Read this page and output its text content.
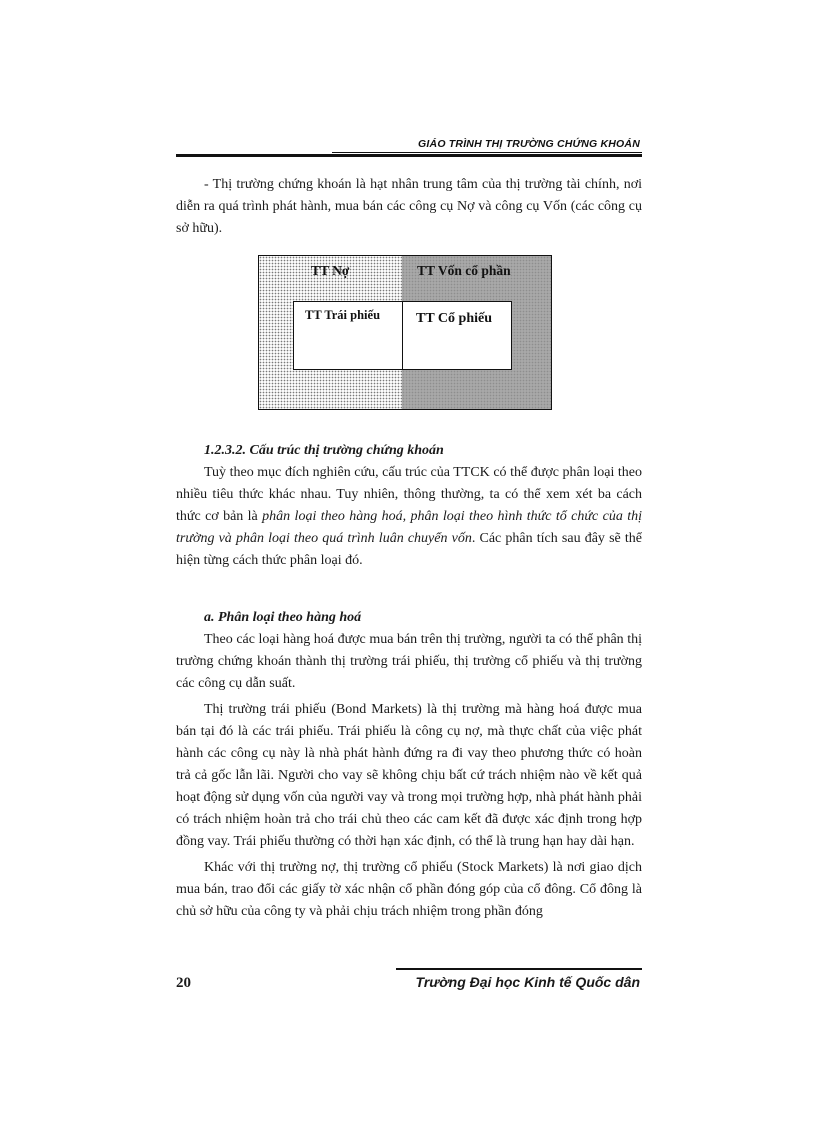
GIÁO TRÌNH THỊ TRƯỜNG CHỨNG KHOÁN

- Thị trường chứng khoán là hạt nhân trung tâm của thị trường tài chính, nơi diễn ra quá trình phát hành, mua bán các công cụ Nợ và công cụ Vốn (các công cụ sở hữu).

TT Nợ	TT Vốn cổ phần
TT Trái phiếu	TT Cổ phiếu

1.2.3.2. Cấu trúc thị trường chứng khoán

Tuỳ theo mục đích nghiên cứu, cấu trúc của TTCK có thể được phân loại theo nhiều tiêu thức khác nhau. Tuy nhiên, thông thường, ta có thể xem xét ba cách thức cơ bản là phân loại theo hàng hoá, phân loại theo hình thức tổ chức của thị trường và phân loại theo quá trình luân chuyển vốn. Các phân tích sau đây sẽ thể hiện từng cách thức phân loại đó.

a. Phân loại theo hàng hoá

Theo các loại hàng hoá được mua bán trên thị trường, người ta có thể phân thị trường chứng khoán thành thị trường trái phiếu, thị trường cổ phiếu và thị trường các công cụ dẫn suất.

Thị trường trái phiếu (Bond Markets) là thị trường mà hàng hoá được mua bán tại đó là các trái phiếu. Trái phiếu là công cụ nợ, mà thực chất của việc phát hành các công cụ này là nhà phát hành đứng ra đi vay theo phương thức có hoàn trả cả gốc lẫn lãi. Người cho vay sẽ không chịu bất cứ trách nhiệm nào về kết quả hoạt động sử dụng vốn của người vay và trong mọi trường hợp, nhà phát hành phải có trách nhiệm hoàn trả cho trái chủ theo các cam kết đã được xác định trong hợp đồng vay. Trái phiếu thường có thời hạn xác định, có thể là trung hạn hay dài hạn.

Khác với thị trường nợ, thị trường cổ phiếu (Stock Markets) là nơi giao dịch mua bán, trao đổi các giấy tờ xác nhận cổ phần đóng góp của cổ đông. Cổ đông là chủ sở hữu của công ty và phải chịu trách nhiệm trong phần đóng

20	Trường Đại học Kinh tế Quốc dân
